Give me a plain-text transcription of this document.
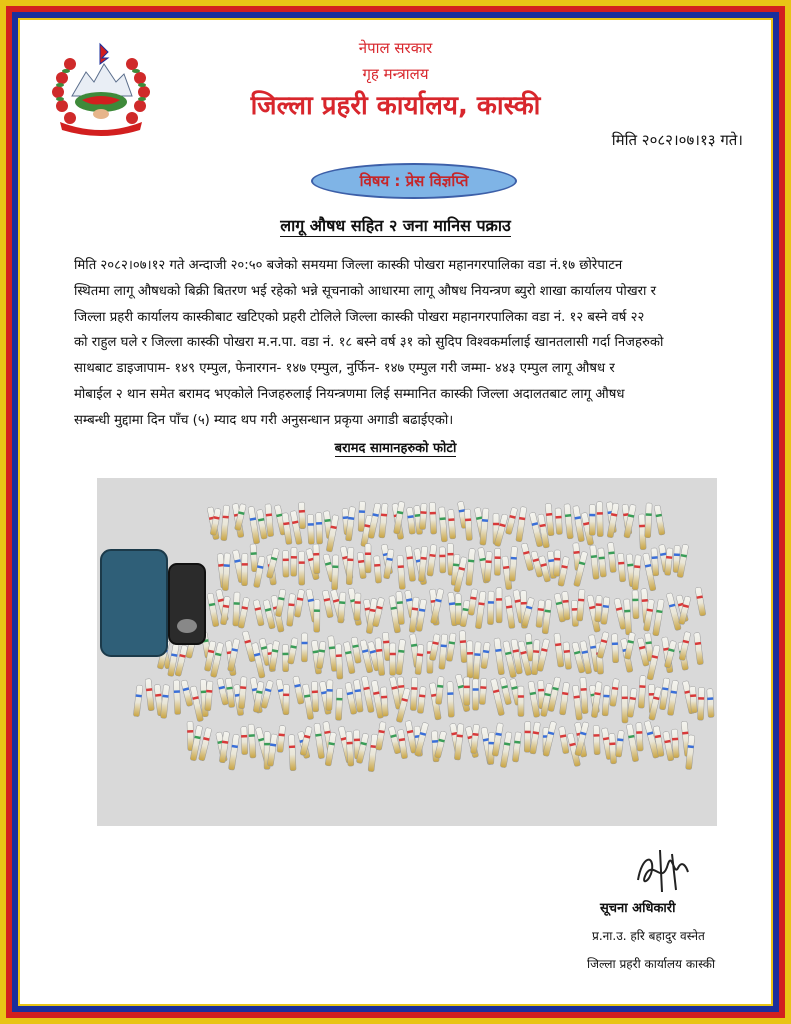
नेपाल सरकार
गृह मन्त्रालय
जिल्ला प्रहरी कार्यालय, कास्की
मिति २०८२।०७।१३ गते।
विषय : प्रेस विज्ञप्ति
लागू औषध सहित २ जना मानिस पक्राउ
मिति २०८२।०७।१२ गते अन्दाजी २०:५० बजेको समयमा जिल्ला कास्की पोखरा महानगरपालिका वडा नं.१७ छोरेपाटन
स्थितमा लागू औषधको बिक्री बितरण भई रहेको भन्ने सूचनाको आधारमा लागू औषध नियन्त्रण ब्युरो शाखा कार्यालय पोखरा र
जिल्ला प्रहरी कार्यालय कास्कीबाट खटिएको प्रहरी टोलिले जिल्ला कास्की पोखरा महानगरपालिका वडा नं. १२ बस्ने वर्ष २२
को राहुल घले र जिल्ला कास्की पोखरा म.न.पा. वडा नं. १८ बस्ने वर्ष ३१ को सुदिप विश्वकर्मालाई खानतलासी गर्दा निजहरुको
साथबाट डाइजापाम- १४९ एम्पुल, फेनारगन- १४७ एम्पुल, नुर्फिन- १४७ एम्पुल गरी जम्मा- ४४३ एम्पुल लागू औषध र
मोबाईल २ थान समेत बरामद भएकोले निजहरुलाई नियन्त्रणमा लिई सम्मानित कास्की जिल्ला अदालतबाट लागू औषध
सम्बन्धी मुद्दामा दिन पाँच (५) म्याद थप गरी अनुसन्धान प्रकृया अगाडी बढाईएको।
बरामद सामानहरुको फोटो
सूचना अधिकारी
प्र.ना.उ. हरि बहादुर वस्नेत
जिल्ला प्रहरी कार्यालय कास्की
